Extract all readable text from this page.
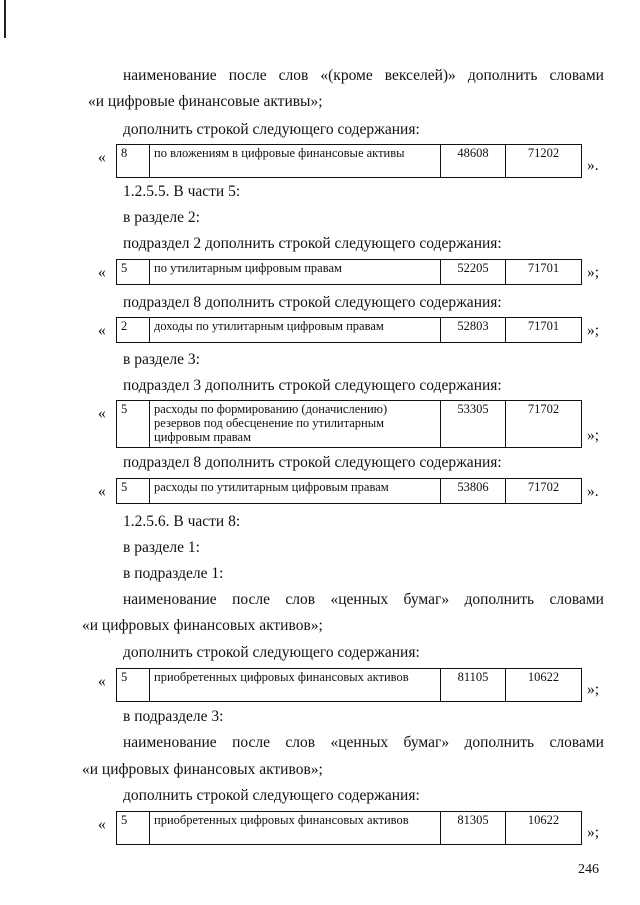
наименование после слов «(кроме векселей)» дополнить словами
«и цифровые финансовые активы»;
дополнить строкой следующего содержания:
«	8	по вложениям в цифровые финансовые активы	48608	71202
».
1.2.5.5. В части 5:
в разделе 2:
подраздел 2 дополнить строкой следующего содержания:
«	5	по утилитарным цифровым правам	52205	71701	»;
подраздел 8 дополнить строкой следующего содержания:
«	2	доходы по утилитарным цифровым правам	52803	71701	»;
в разделе 3:
подраздел 3 дополнить строкой следующего содержания:
«	5	расходы по формированию (доначислению) резервов под обесценение по утилитарным цифровым правам
53305	71702
»;
подраздел 8 дополнить строкой следующего содержания:
«	5	расходы по утилитарным цифровым правам	53806	71702	».
1.2.5.6. В части 8:
в разделе 1:
в подразделе 1:
наименование после слов «ценных бумаг» дополнить словами
«и цифровых финансовых активов»;
дополнить строкой следующего содержания:
«	5	приобретенных цифровых финансовых активов	81105	10622
»;
в подразделе 3:
наименование после слов «ценных бумаг» дополнить словами
«и цифровых финансовых активов»;
дополнить строкой следующего содержания:
«	5	приобретенных цифровых финансовых активов	81305	10622
»;
246
